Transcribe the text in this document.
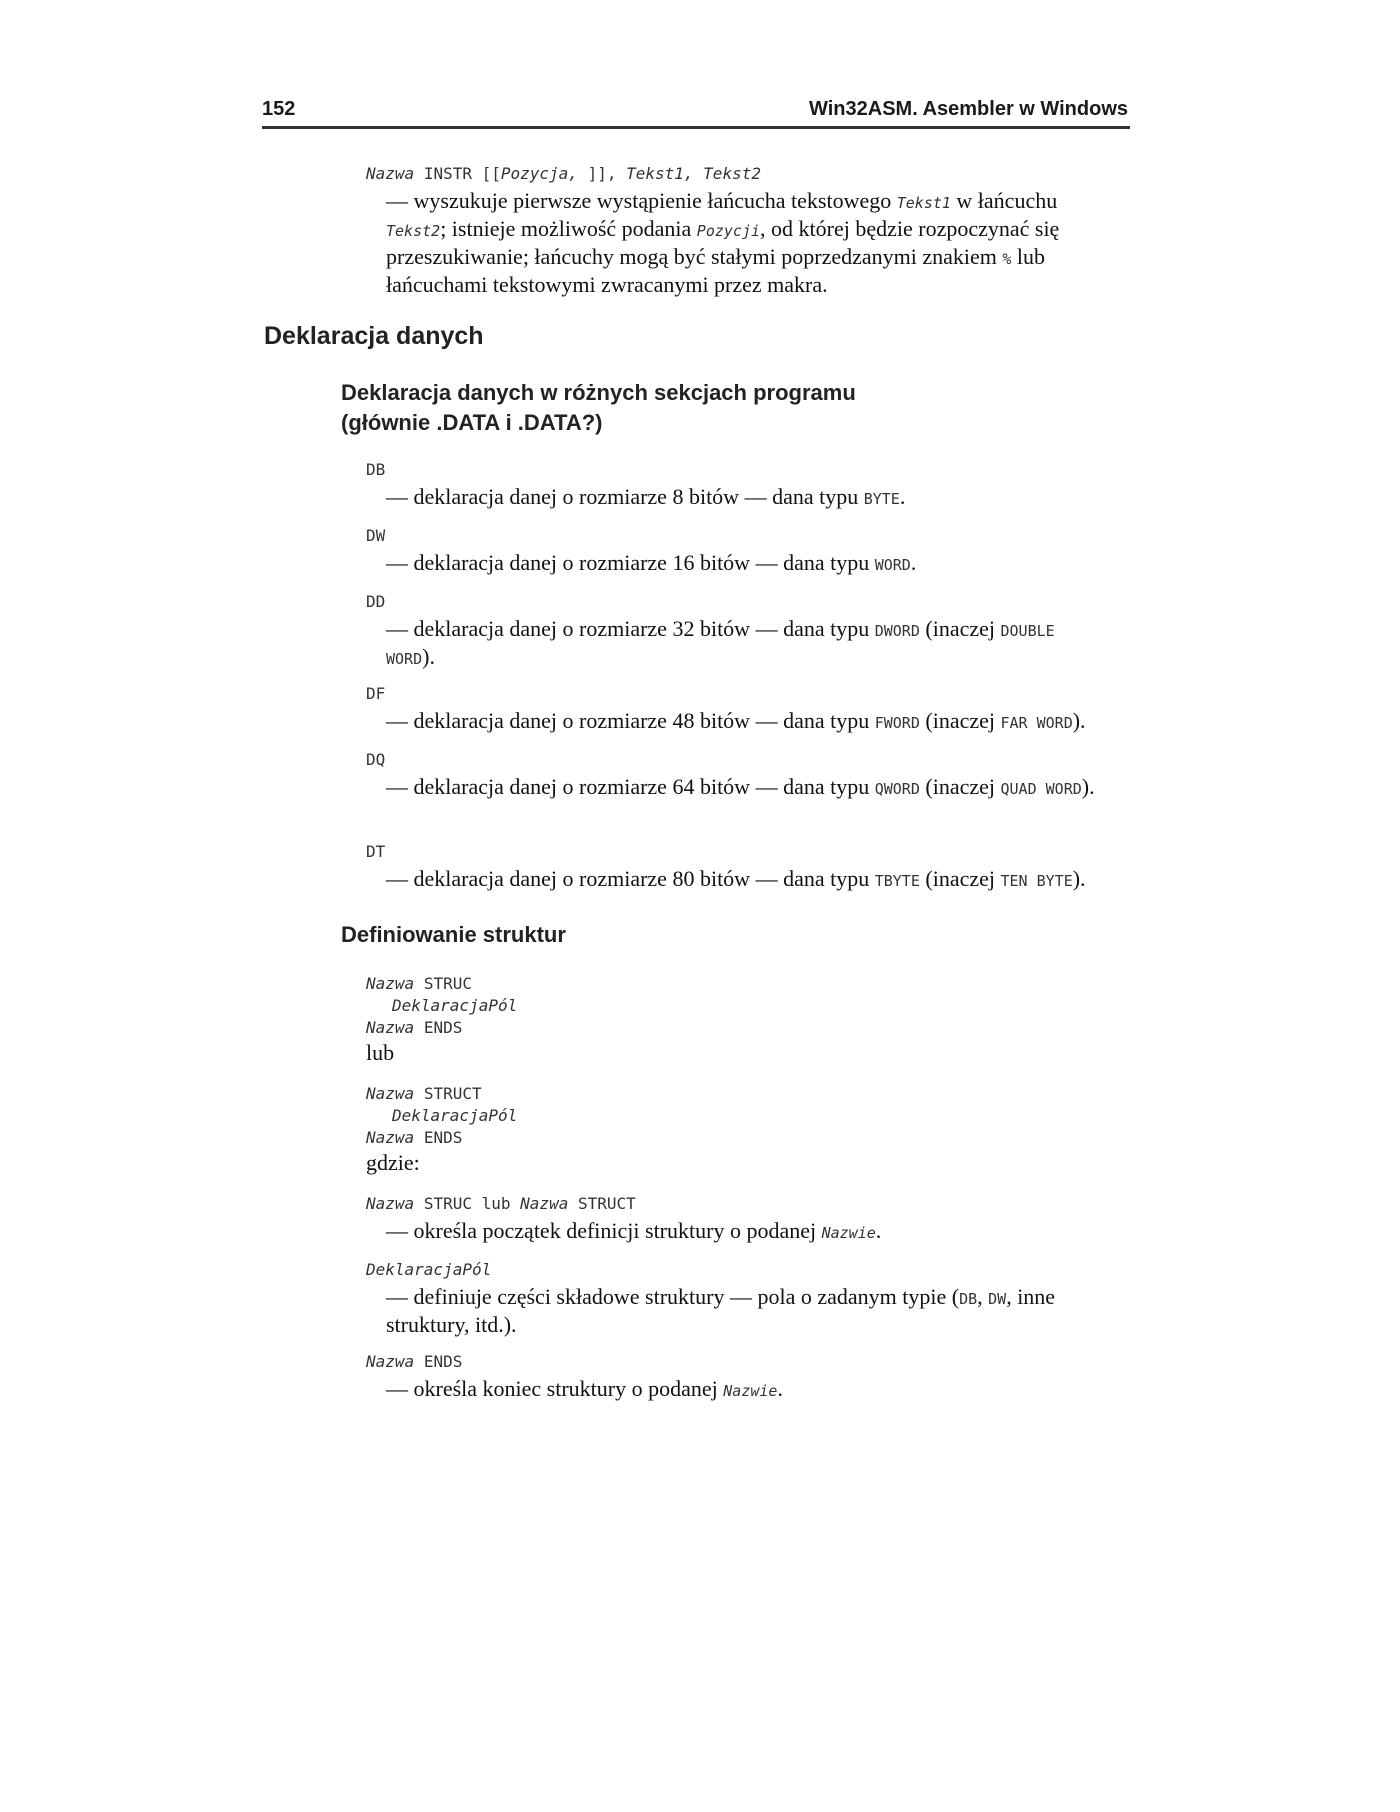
152	Win32ASM. Asembler w Windows
Nazwa INSTR [[Pozycja, ]], Tekst1, Tekst2
— wyszukuje pierwsze wystąpienie łańcucha tekstowego Tekst1 w łańcuchu Tekst2; istnieje możliwość podania Pozycji, od której będzie rozpoczynać się przeszukiwanie; łańcuchy mogą być stałymi poprzedzanymi znakiem % lub łańcuchami tekstowymi zwracanymi przez makra.
Deklaracja danych
Deklaracja danych w różnych sekcjach programu
(głównie .DATA i .DATA?)
DB
— deklaracja danej o rozmiarze 8 bitów — dana typu BYTE.
DW
— deklaracja danej o rozmiarze 16 bitów — dana typu WORD.
DD
— deklaracja danej o rozmiarze 32 bitów — dana typu DWORD (inaczej DOUBLE WORD).
DF
— deklaracja danej o rozmiarze 48 bitów — dana typu FWORD (inaczej FAR WORD).
DQ
— deklaracja danej o rozmiarze 64 bitów — dana typu QWORD (inaczej QUAD WORD).
DT
— deklaracja danej o rozmiarze 80 bitów — dana typu TBYTE (inaczej TEN BYTE).
Definiowanie struktur
Nazwa STRUC
DeklaracjaPól
Nazwa ENDS
lub
Nazwa STRUCT
DeklaracjaPól
Nazwa ENDS
gdzie:
Nazwa STRUC lub Nazwa STRUCT
— określa początek definicji struktury o podanej Nazwie.
DeklaracjaPól
— definiuje części składowe struktury — pola o zadanym typie (DB, DW, inne struktury, itd.).
Nazwa ENDS
— określa koniec struktury o podanej Nazwie.
